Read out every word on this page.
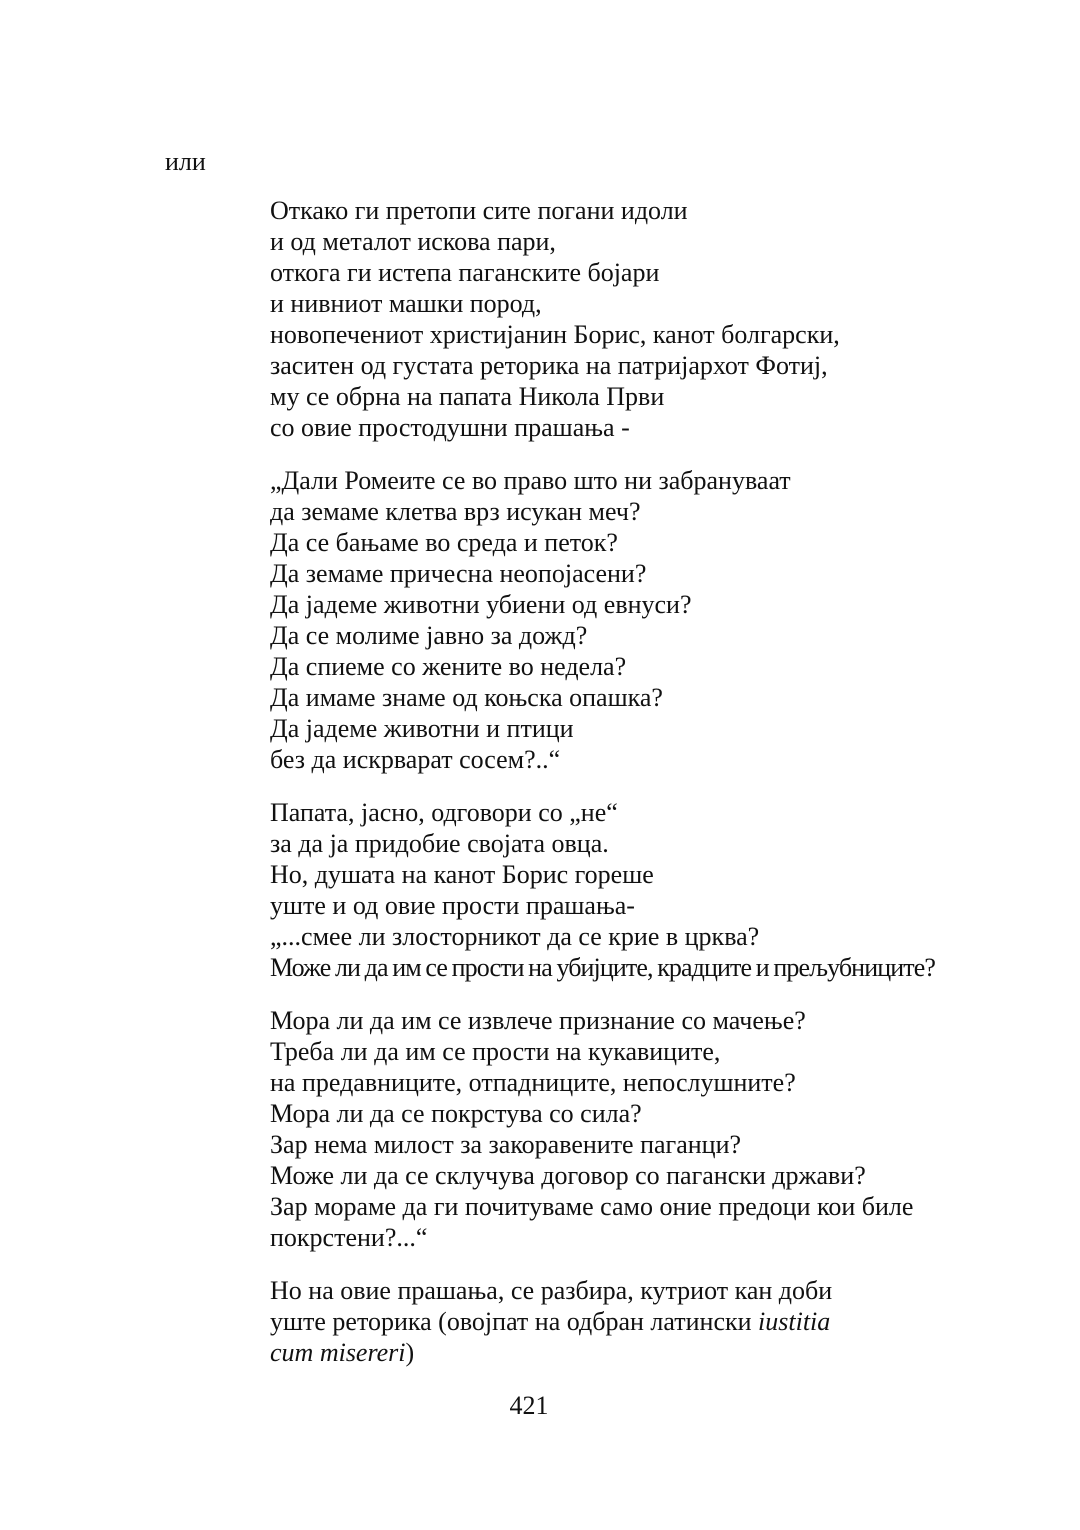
или

Откако ги претопи сите погани идоли
и од металот искова пари,
откога ги истепа паганските бојари
и нивниот машки пород,
новопечениот христијанин Борис, канот болгарски,
заситен од густата реторика на патријархот Фотиј,
му се обрна на папата Никола Први
со овие простодушни прашања -
„Дали Ромеите се во право што ни забрануваат
да земаме клетва врз исукан меч?
Да се бањаме во среда и петок?
Да земаме причесна неопојасени?
Да јадеме животни убиени од евнуси?
Да се молиме јавно за дожд?
Да спиеме со жените во недела?
Да имаме знаме од коњска опашка?
Да јадеме животни и птици
без да искрварат сосем?..“
Папата, јасно, одговори со „не“
за да ја придобие својата овца.
Но, душата на канот Борис гореше
уште и од овие прости прашања-
„...смее ли злосторникот да се крие в црква?
Може ли да им се прости на убијците, крадците и прељубниците?
Мора ли да им се извлече признание со мачење?
Треба ли да им се прости на кукавиците,
на предавниците, отпадниците, непослушните?
Мора ли да се покрстува со сила?
Зар нема милост за закоравените паганци?
Може ли да се склучува договор со пагански држави?
Зар мораме да ги почитуваме само оние предоци кои биле
покрстени?...“
Но на овие прашања, се разбира, кутриот кан доби
уште реторика (овојпат на одбран латински iustitia
cum misereri)
421
